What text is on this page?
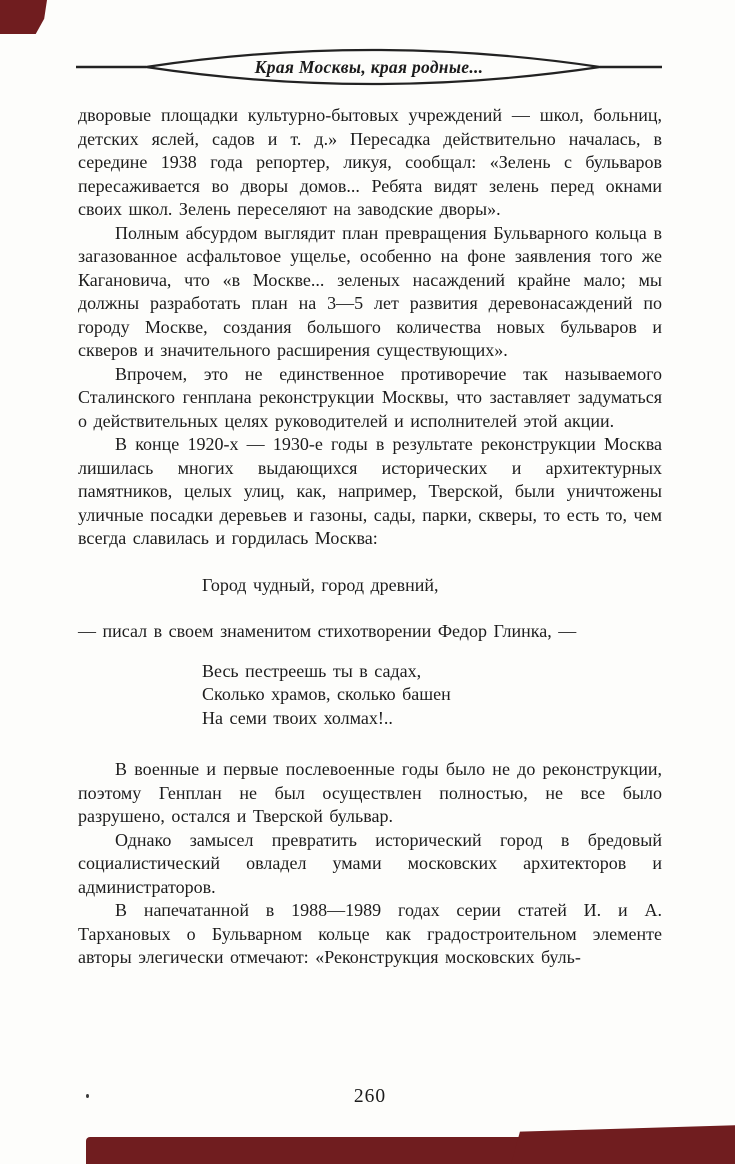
Края Москвы, края родные...

дворовые площадки культурно-бытовых учреждений — школ, больниц, детских яслей, садов и т. д.» Пересадка действительно началась, в середине 1938 года репортер, ликуя, сообщал: «Зелень с бульваров пересаживается во дворы домов... Ребята видят зелень перед окнами своих школ. Зелень переселяют на заводские дворы».

Полным абсурдом выглядит план превращения Бульварного кольца в загазованное асфальтовое ущелье, особенно на фоне заявления того же Кагановича, что «в Москве... зеленых насаждений крайне мало; мы должны разработать план на 3—5 лет развития деревонасаждений по городу Москве, создания большого количества новых бульваров и скверов и значительного расширения существующих».

Впрочем, это не единственное противоречие так называемого Сталинского генплана реконструкции Москвы, что заставляет задуматься о действительных целях руководителей и исполнителей этой акции.

В конце 1920-х — 1930-е годы в результате реконструкции Москва лишилась многих выдающихся исторических и архитектурных памятников, целых улиц, как, например, Тверской, были уничтожены уличные посадки деревьев и газоны, сады, парки, скверы, то есть то, чем всегда славилась и гордилась Москва:

Город чудный, город древний,

— писал в своем знаменитом стихотворении Федор Глинка, —

Весь пестреешь ты в садах,
Сколько храмов, сколько башен
На семи твоих холмах!..

В военные и первые послевоенные годы было не до реконструкции, поэтому Генплан не был осуществлен полностью, не все было разрушено, остался и Тверской бульвар.

Однако замысел превратить исторический город в бредовый социалистический овладел умами московских архитекторов и администраторов.

В напечатанной в 1988—1989 годах серии статей И. и А. Тархановых о Бульварном кольце как градостроительном элементе авторы элегически отмечают: «Реконструкция московских буль-

260
